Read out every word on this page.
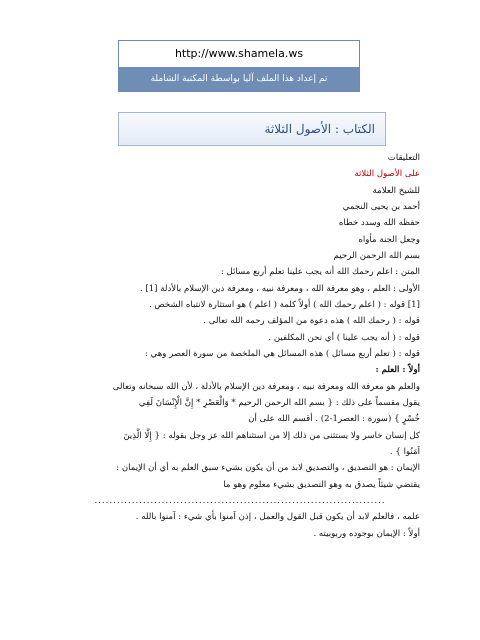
http://www.shamela.ws
تم إعداد هذا الملف آليا بواسطة المكتبة الشاملة
الكتاب : الأصول الثلاثة
التعليقات
على الأصول الثلاثة
للشيخ العلامة
أحمد بن يحيى النجمي
حفظه الله وسدد خطاه
وجعل الجنة مأواه
بسم الله الرحمن الرحيم
المتن : اعلم رحمك الله أنه يجب علينا تعلم أربع مسائل :
الأولى : العلم ، وهو معرفة الله ، ومعرفة نبيه ، ومعرفة دين الإسلام بالأدلة [1] .
[1] قوله : ( اعلم رحمك الله ) أولاً كلمة ( اعلم ) هو استثارة لانتباه الشخص .
قوله : ( رحمك الله ) هذه دعوة من المؤلف رحمه الله تعالى .
قوله : ( أنه يجب علينا ) أي نحن المكلفين .
قوله : ( تعلم أربع مسائل ) هذه المسائل هي الملخصة من سورة العصر وهي :
أولاً : العلم :
والعلم هو معرفة الله ومعرفة نبيه ، ومعرفة دين الإسلام بالأدلة ، لأن الله سبحانه وتعالى
يقول مقسماً على ذلك : { بسم الله الرحمن الرحيم * وَالْعَصْرِ * إِنَّ الْإِنْسَانَ لَفِي
خُسْرٍ } (سورة : العصر1-2) . أقسم الله على أن
كل إنسان خاسر ولا يستثنى من ذلك إلا من استثناهم الله عز وجل بقوله : { إِلَّا الَّذِينَ
آمَنُوا } .
الإيمان : هو التصديق ، والتصديق لابد من أن يكون بشيء سبق العلم به أي أن الإيمان :
يقتضي شيئاً يصدق به وهو التصديق بشيء معلوم وهو ما
..............................................................................
علمه ، فالعلم لابد أن يكون قبل القول والعمل ، إذن آمنوا بأي شيء : آمنوا بالله .
أولاً : الإيمان بوجوده وربوبيته .
